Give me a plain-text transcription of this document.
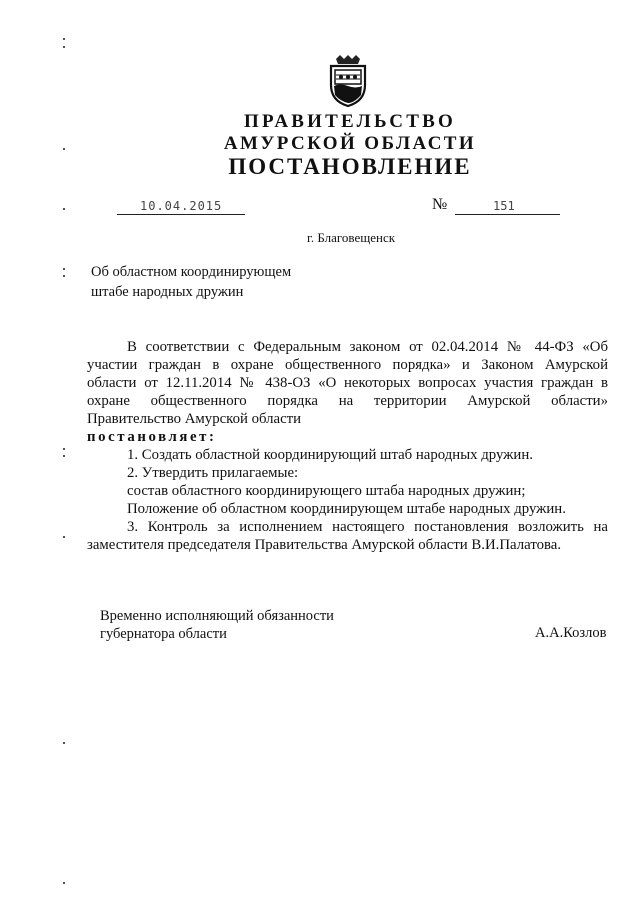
ПРАВИТЕЛЬСТВО
АМУРСКОЙ ОБЛАСТИ
ПОСТАНОВЛЕНИЕ
10.04.2015	№	151
г. Благовещенск
Об областном координирующем
штабе народных дружин
В соответствии с Федеральным законом от 02.04.2014 № 44-ФЗ «Об
участии граждан в охране общественного порядка» и Законом Амурской
области от 12.11.2014 № 438-ОЗ «О некоторых вопросах участия граждан в
охране общественного порядка на территории Амурской области»
Правительство Амурской области
постановляет:
1. Создать областной координирующий штаб народных дружин.
2. Утвердить прилагаемые:
состав областного координирующего штаба народных дружин;
Положение об областном координирующем штабе народных дружин.
3. Контроль за исполнением настоящего постановления возложить на
заместителя председателя Правительства Амурской области В.И.Палатова.
Временно исполняющий обязанности
губернатора области	А.А.Козлов
